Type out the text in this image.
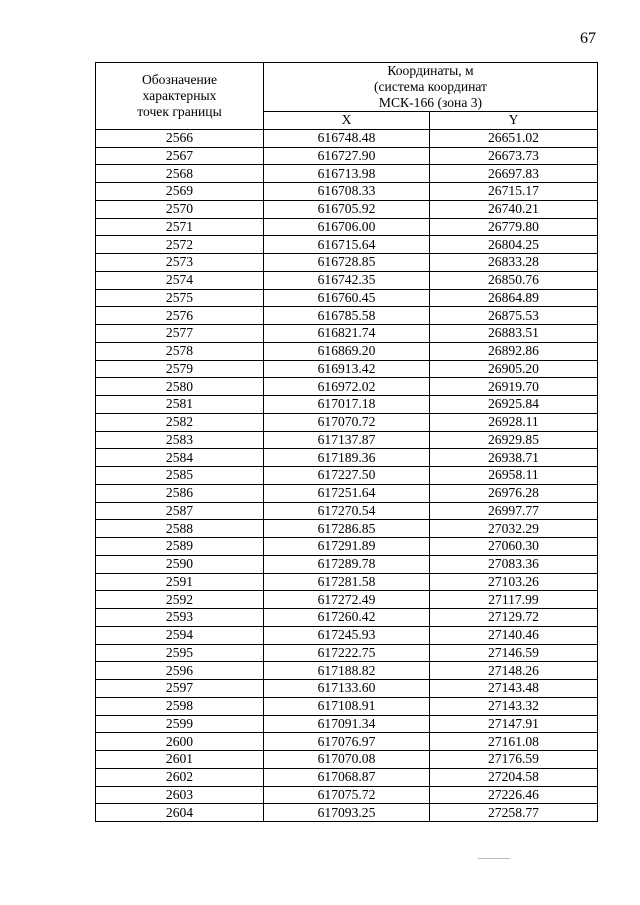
67
Обозначение
характерных
точек границы	Координаты, м
(система координат
МСК-166 (зона 3)	

	X	Y
2566	616748.48	26651.02
2567	616727.90	26673.73
2568	616713.98	26697.83
2569	616708.33	26715.17
2570	616705.92	26740.21
2571	616706.00	26779.80
2572	616715.64	26804.25
2573	616728.85	26833.28
2574	616742.35	26850.76
2575	616760.45	26864.89
2576	616785.58	26875.53
2577	616821.74	26883.51
2578	616869.20	26892.86
2579	616913.42	26905.20
2580	616972.02	26919.70
2581	617017.18	26925.84
2582	617070.72	26928.11
2583	617137.87	26929.85
2584	617189.36	26938.71
2585	617227.50	26958.11
2586	617251.64	26976.28
2587	617270.54	26997.77
2588	617286.85	27032.29
2589	617291.89	27060.30
2590	617289.78	27083.36
2591	617281.58	27103.26
2592	617272.49	27117.99
2593	617260.42	27129.72
2594	617245.93	27140.46
2595	617222.75	27146.59
2596	617188.82	27148.26
2597	617133.60	27143.48
2598	617108.91	27143.32
2599	617091.34	27147.91
2600	617076.97	27161.08
2601	617070.08	27176.59
2602	617068.87	27204.58
2603	617075.72	27226.46
2604	617093.25	27258.77
